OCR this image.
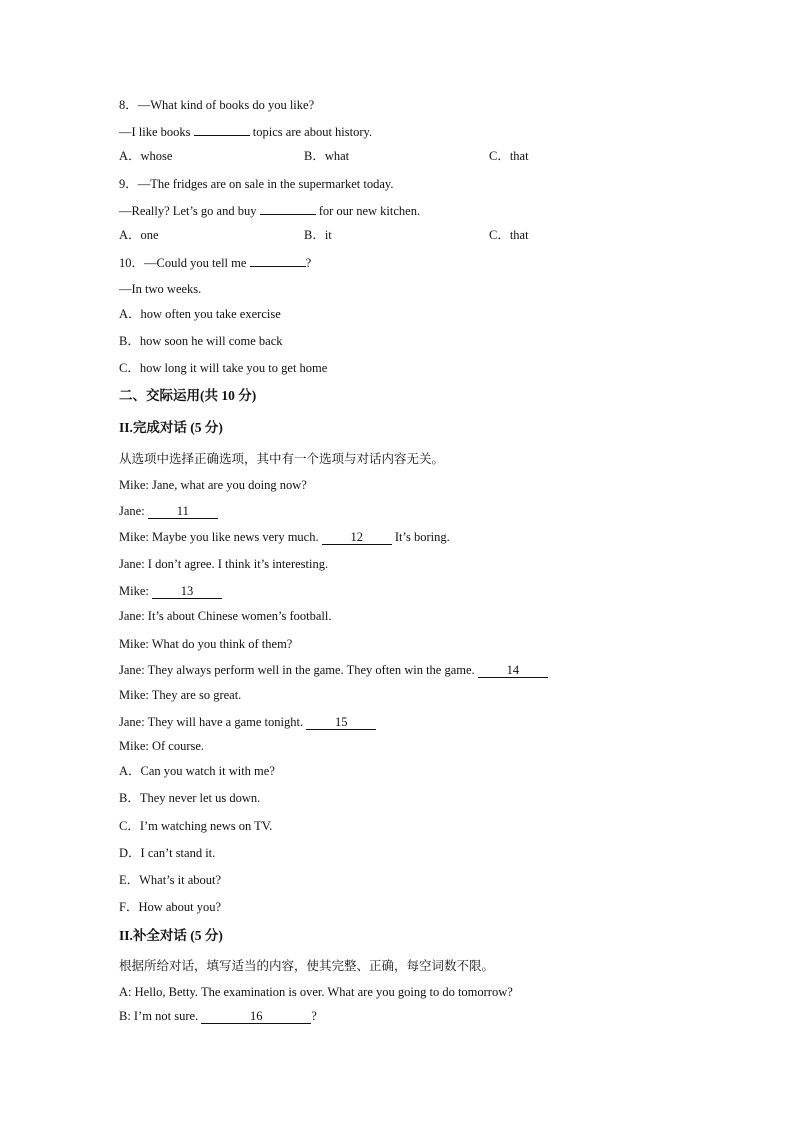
8．—What kind of books do you like?
—I like books	topics are about history.
A．whose	B．what	C．that
9．—The fridges are on sale in the supermarket today.
—Really? Let’s go and buy	for our new kitchen.
A．one	B．it	C．that
10．—Could you tell me	?
—In two weeks.
A．how often you take exercise
B．how soon he will come back
C．how long it will take you to get home
二、交际运用(共 10 分)
II.完成对话 (5 分)
从选项中选择正确选项，其中有一个选项与对话内容无关。
Mike: Jane, what are you doing now?
Jane: 11
Mike: Maybe you like news very much. 12 It’s boring.
Jane: I don’t agree. I think it’s interesting.
Mike: 13
Jane: It’s about Chinese women’s football.
Mike: What do you think of them?
Jane: They always perform well in the game. They often win the game. 14
Mike: They are so great.
Jane: They will have a game tonight. 15
Mike: Of course.
A．Can you watch it with me?
B．They never let us down.
C．I’m watching news on TV.
D．I can’t stand it.
E．What’s it about?
F．How about you?
II.补全对话 (5 分)
根据所给对话，填写适当的内容，使其完整、正确，每空词数不限。
A: Hello, Betty. The examination is over. What are you going to do tomorrow?
B: I’m not sure.	16	?
